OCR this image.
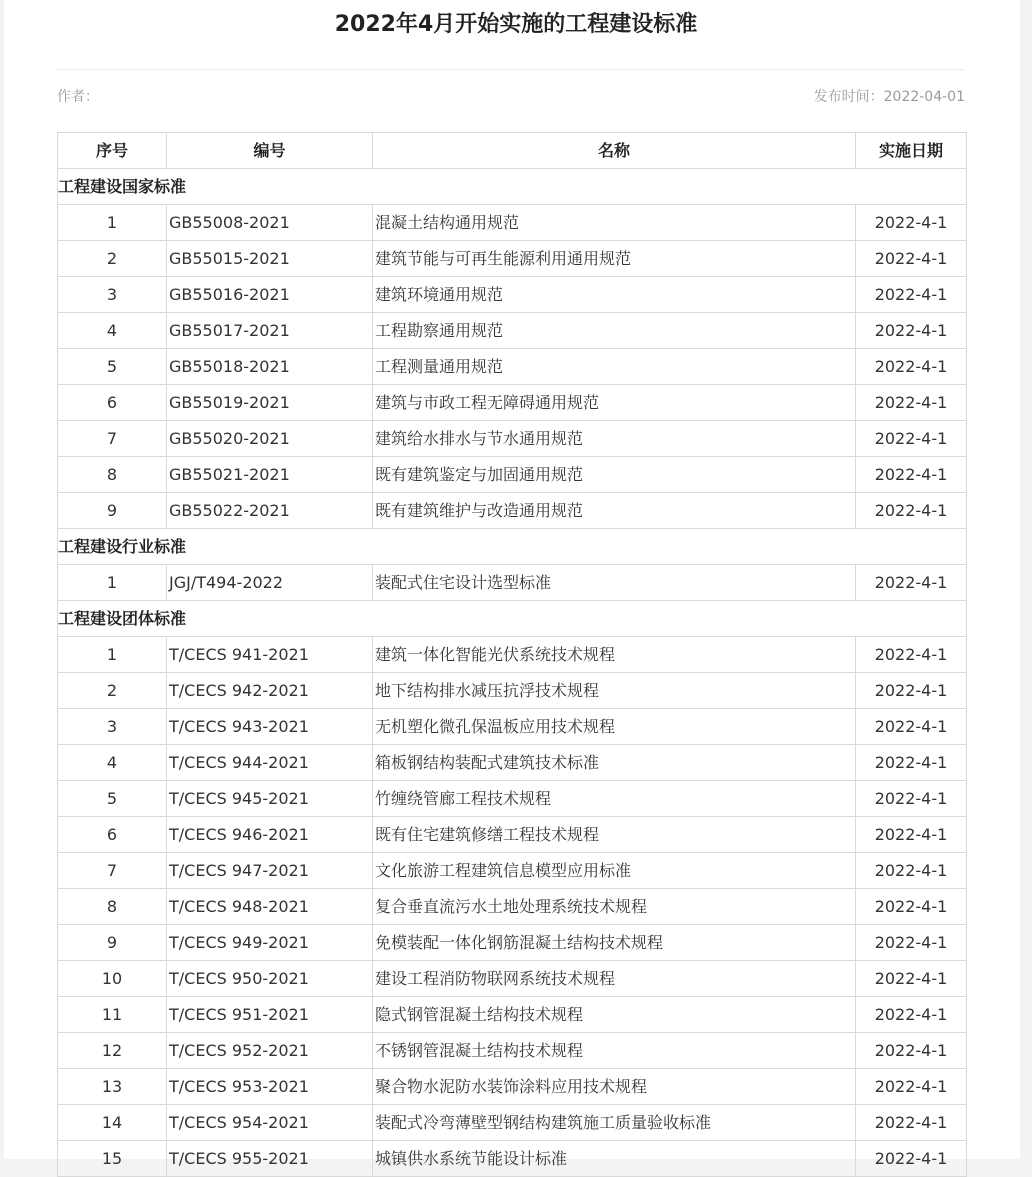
2022年4月开始实施的工程建设标准
作者：	发布时间：2022-04-01
序号	编号	名称	实施日期
工程建设国家标准			
1	GB55008-2021	混凝土结构通用规范	2022-4-1
2	GB55015-2021	建筑节能与可再生能源利用通用规范	2022-4-1
3	GB55016-2021	建筑环境通用规范	2022-4-1
4	GB55017-2021	工程勘察通用规范	2022-4-1
5	GB55018-2021	工程测量通用规范	2022-4-1
6	GB55019-2021	建筑与市政工程无障碍通用规范	2022-4-1
7	GB55020-2021	建筑给水排水与节水通用规范	2022-4-1
8	GB55021-2021	既有建筑鉴定与加固通用规范	2022-4-1
9	GB55022-2021	既有建筑维护与改造通用规范	2022-4-1
工程建设行业标准			
1	JGJ/T494-2022	装配式住宅设计选型标准	2022-4-1
工程建设团体标准			
1	T/CECS 941-2021	建筑一体化智能光伏系统技术规程	2022-4-1
2	T/CECS 942-2021	地下结构排水减压抗浮技术规程	2022-4-1
3	T/CECS 943-2021	无机塑化微孔保温板应用技术规程	2022-4-1
4	T/CECS 944-2021	箱板钢结构装配式建筑技术标准	2022-4-1
5	T/CECS 945-2021	竹缠绕管廊工程技术规程	2022-4-1
6	T/CECS 946-2021	既有住宅建筑修缮工程技术规程	2022-4-1
7	T/CECS 947-2021	文化旅游工程建筑信息模型应用标准	2022-4-1
8	T/CECS 948-2021	复合垂直流污水土地处理系统技术规程	2022-4-1
9	T/CECS 949-2021	免模装配一体化钢筋混凝土结构技术规程	2022-4-1
10	T/CECS 950-2021	建设工程消防物联网系统技术规程	2022-4-1
11	T/CECS 951-2021	隐式钢管混凝土结构技术规程	2022-4-1
12	T/CECS 952-2021	不锈钢管混凝土结构技术规程	2022-4-1
13	T/CECS 953-2021	聚合物水泥防水装饰涂料应用技术规程	2022-4-1
14	T/CECS 954-2021	装配式冷弯薄壁型钢结构建筑施工质量验收标准	2022-4-1
15	T/CECS 955-2021	城镇供水系统节能设计标准	2022-4-1
